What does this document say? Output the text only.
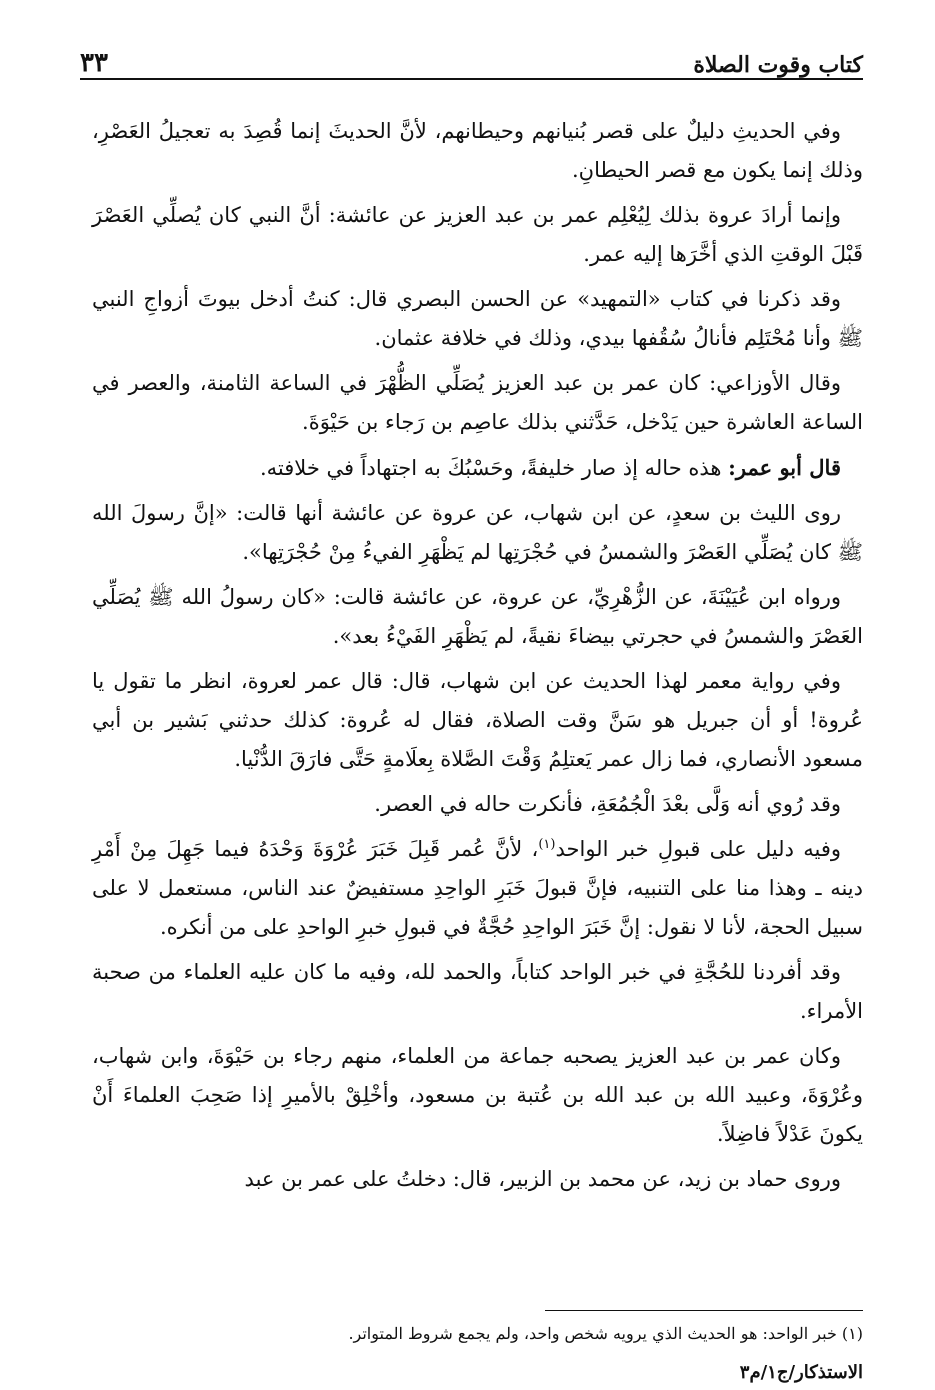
كتاب وقوت الصلاة
٣٣

وفي الحديثِ دليلٌ على قصر بُنيانهم وحيطانهم، لأنَّ الحديثَ إنما قُصِدَ به تعجيلُ العَصْرِ، وذلك إنما يكون مع قصر الحيطانِ.

وإنما أرادَ عروة بذلك لِيُعْلِم عمر بن عبد العزيز عن عائشة: أنَّ النبي كان يُصلِّي العَصْرَ قَبْلَ الوقتِ الذي أخَّرَها إليه عمر.

وقد ذكرنا في كتاب «التمهيد» عن الحسن البصري قال: كنتُ أدخل بيوتَ أزواجِ النبي ﷺ وأنا مُحْتَلِم فأنالُ سُقُفها بيدي، وذلك في خلافة عثمان.

وقال الأوزاعي: كان عمر بن عبد العزيز يُصَلِّي الظُّهْرَ في الساعة الثامنة، والعصر في الساعة العاشرة حين يَدْخل، حَدَّثني بذلك عاصِم بن رَجاء بن حَيْوَةَ.

قال أبو عمر: هذه حاله إذ صار خليفةً، وحَسْبُكَ به اجتهاداً في خلافته.

روى الليث بن سعدٍ، عن ابن شهاب، عن عروة عن عائشة أنها قالت: «إنَّ رسولَ الله ﷺ كان يُصَلِّي العَصْرَ والشمسُ في حُجْرَتِها لم يَظْهَرِ الفيءُ مِنْ حُجْرَتِها».

ورواه ابن عُيَيْنَةَ، عن الزُّهْرِيِّ، عن عروة، عن عائشة قالت: «كان رسولُ الله ﷺ يُصَلِّي العَصْرَ والشمسُ في حجرتي بيضاءَ نقيةً، لم يَظْهَرِ الفَيْءُ بعد».

وفي رواية معمر لهذا الحديث عن ابن شهاب، قال: قال عمر لعروة، انظر ما تقول يا عُروة! أو أن جبريل هو سَنَّ وقت الصلاة، فقال له عُروة: كذلك حدثني بَشير بن أبي مسعود الأنصاري، فما زال عمر يَعتلِمُ وَقْتَ الصَّلاة بِعلَامةٍ حَتَّى فارَقَ الدُّنْيا.

وقد رُوي أنه وَلَّى بعْدَ الْجُمُعَةِ، فأنكرت حاله في العصر.

وفيه دليل على قبولِ خبر الواحد$^{(١)}$، لأنَّ عُمر قَبِلَ خَبَرَ عُرْوَةَ وَحْدَهُ فيما جَهِلَ مِنْ أَمْرِ دينه ـ وهذا منا على التنبيه، فإنَّ قبولَ خَبَرِ الواحِدِ مستفيضٌ عند الناس، مستعمل لا على سبيل الحجة، لأنا لا نقول: إنَّ خَبَرَ الواحِدِ حُجَّةٌ في قبولِ خبرِ الواحدِ على من أنكره.

وقد أفردنا للحُجَّةِ في خبر الواحد كتاباً، والحمد لله، وفيه ما كان عليه العلماء من صحبة الأمراء.

وكان عمر بن عبد العزيز يصحبه جماعة من العلماء، منهم رجاء بن حَيْوَةَ، وابن شهاب، وعُرْوَةَ، وعبيد الله بن عبد الله بن عُتبة بن مسعود، وأخْلِقْ بالأميرِ إذا صَحِبَ العلماءَ أَنْ يكونَ عَدْلاً فاضِلاً.

وروى حماد بن زيد، عن محمد بن الزبير، قال: دخلتُ على عمر بن عبد

(١) خبر الواحد: هو الحديث الذي يرويه شخص واحد، ولم يجمع شروط المتواتر.
الاستذكار/ج١/م٣
